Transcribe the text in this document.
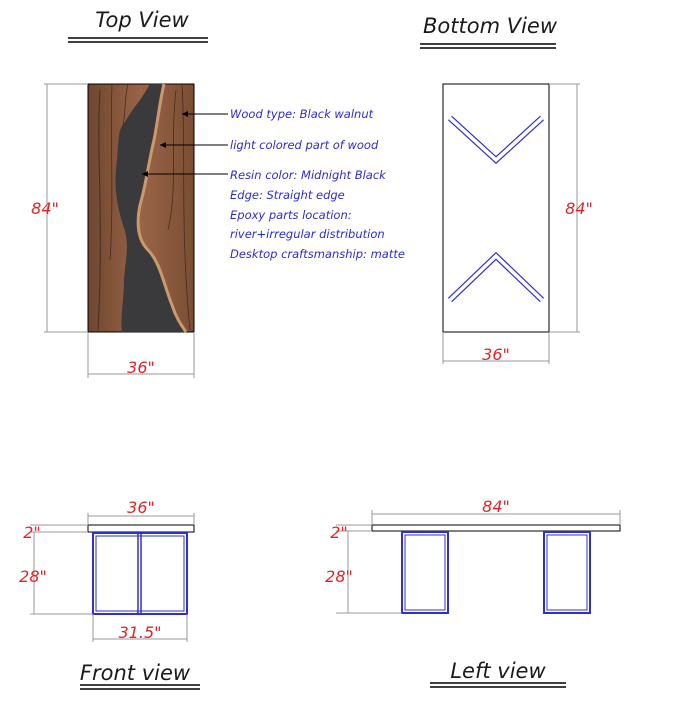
Top View
Wood type: Black walnut
light colored part of wood
Resin color: Midnight Black
Edge: Straight edge
Epoxy parts location:
river+irregular distribution
Desktop craftsmanship: matte
84"
36"
Bottom View
84"
36"
36"
2"
28"
31.5"
Front view
84"
2"
28"
Left view
